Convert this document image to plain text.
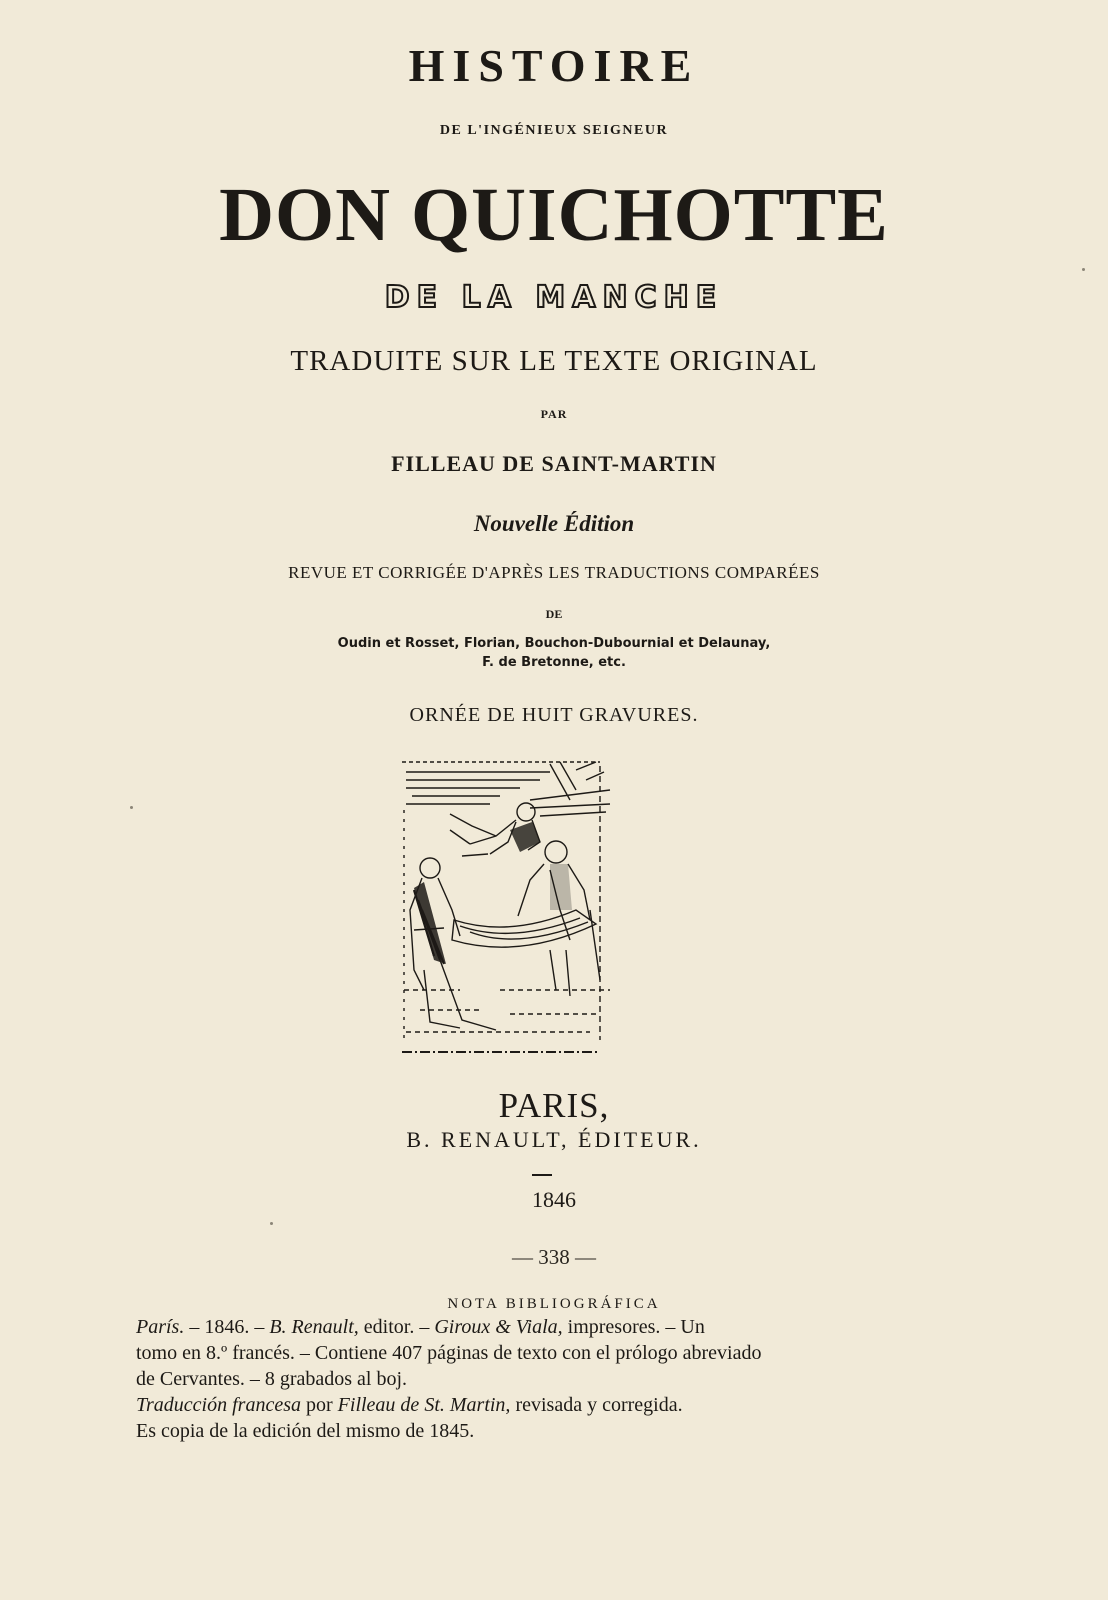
HISTOIRE
DE L'INGÉNIEUX SEIGNEUR
DON QUICHOTTE
DE LA MANCHE
TRADUITE SUR LE TEXTE ORIGINAL
PAR
FILLEAU DE SAINT-MARTIN
Nouvelle Édition
REVUE ET CORRIGÉE D'APRÈS LES TRADUCTIONS COMPARÉES
DE
Oudin et Rosset, Florian, Bouchon-Dubournial et Delaunay,
F. de Bretonne, etc.
ORNÉE DE HUIT GRAVURES.
PARIS,
B. RENAULT, ÉDITEUR.
1846
— 338 —
NOTA BIBLIOGRÁFICA

París. – 1846. – B. Renault, editor. – Giroux & Viala, impresores. – Un

tomo en 8.º francés. – Contiene 407 páginas de texto con el prólogo abreviado

de Cervantes. – 8 grabados al boj.

Traducción francesa por Filleau de St. Martin, revisada y corregida.

Es copia de la edición del mismo de 1845.
